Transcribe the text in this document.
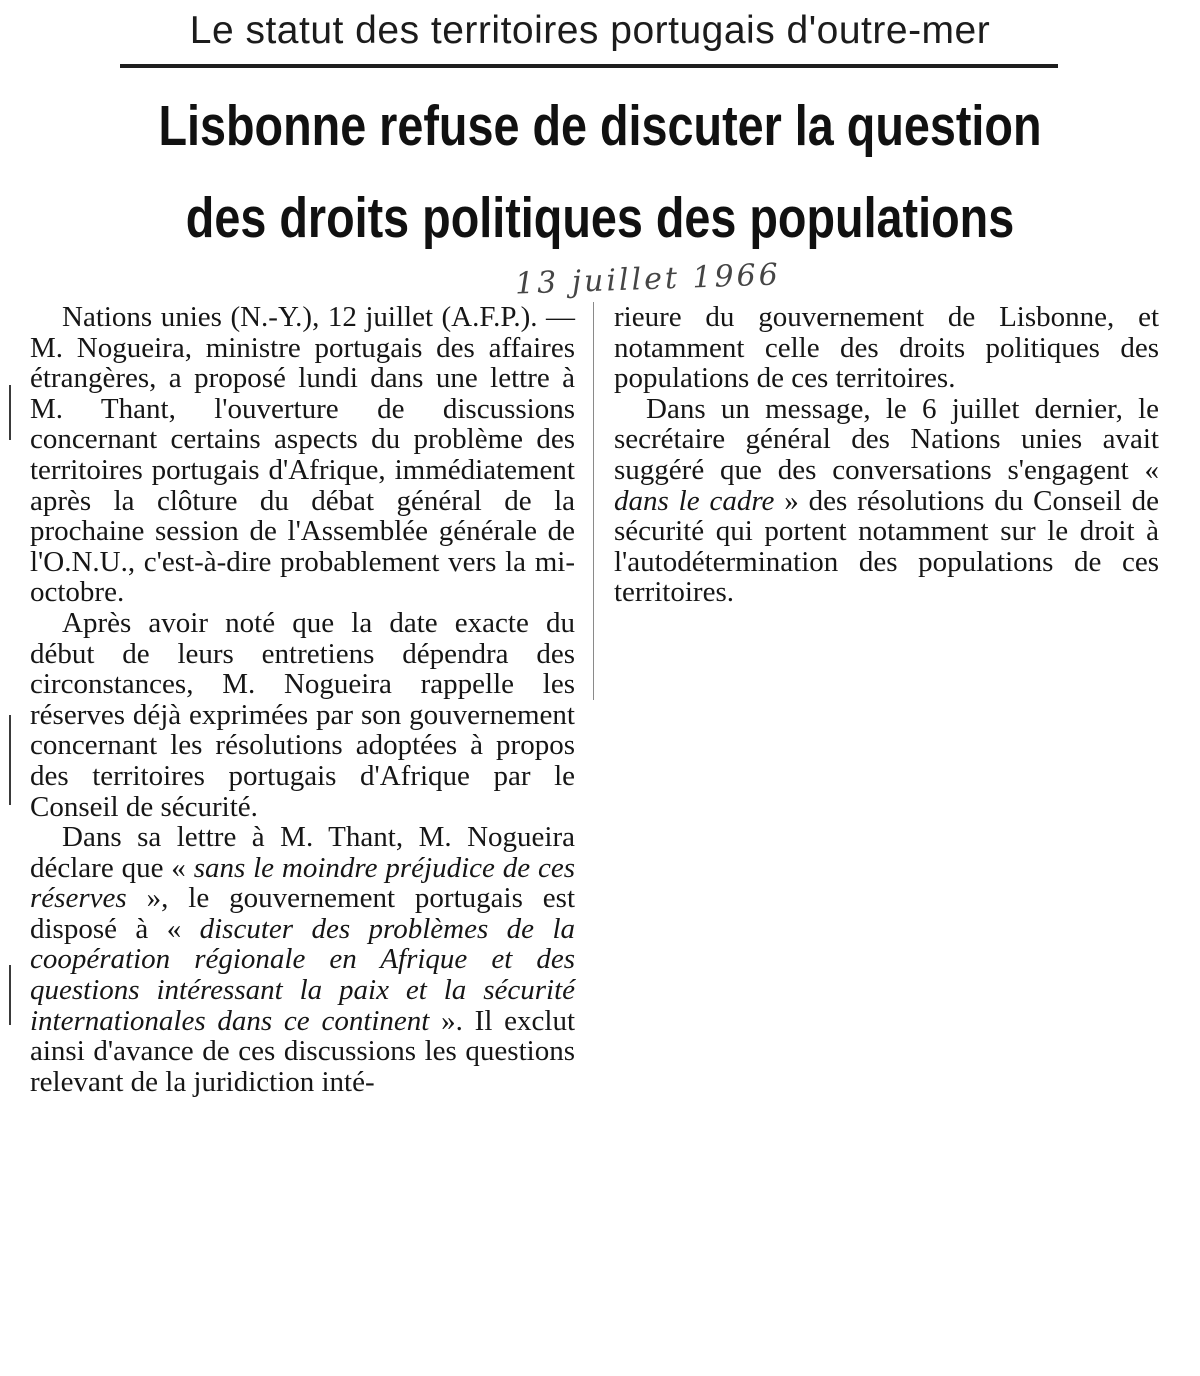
Le statut des territoires portugais d'outre-mer
Lisbonne refuse de discuter la question
des droits politiques des populations
13 juillet 1966

Nations unies (N.-Y.), 12 juillet (A.F.P.). — M. Nogueira, ministre portugais des affaires étrangères, a proposé lundi dans une lettre à M. Thant, l'ouverture de discussions concernant certains aspects du problème des territoires portugais d'Afrique, immédiatement après la clôture du débat général de la prochaine session de l'Assemblée générale de l'O.N.U., c'est-à-dire probablement vers la mi-octobre.

Après avoir noté que la date exacte du début de leurs entretiens dépendra des circonstances, M. Nogueira rappelle les réserves déjà exprimées par son gouvernement concernant les résolutions adoptées à propos des territoires portugais d'Afrique par le Conseil de sécurité.

Dans sa lettre à M. Thant, M. Nogueira déclare que « sans le moindre préjudice de ces réserves », le gouvernement portugais est disposé à « discuter des problèmes de la coopération régionale en Afrique et des questions intéressant la paix et la sécurité internationales dans ce continent ». Il exclut ainsi d'avance de ces discussions les questions relevant de la juridiction inté-

rieure du gouvernement de Lisbonne, et notamment celle des droits politiques des populations de ces territoires.

Dans un message, le 6 juillet dernier, le secrétaire général des Nations unies avait suggéré que des conversations s'engagent « dans le cadre » des résolutions du Conseil de sécurité qui portent notamment sur le droit à l'autodétermination des populations de ces territoires.
